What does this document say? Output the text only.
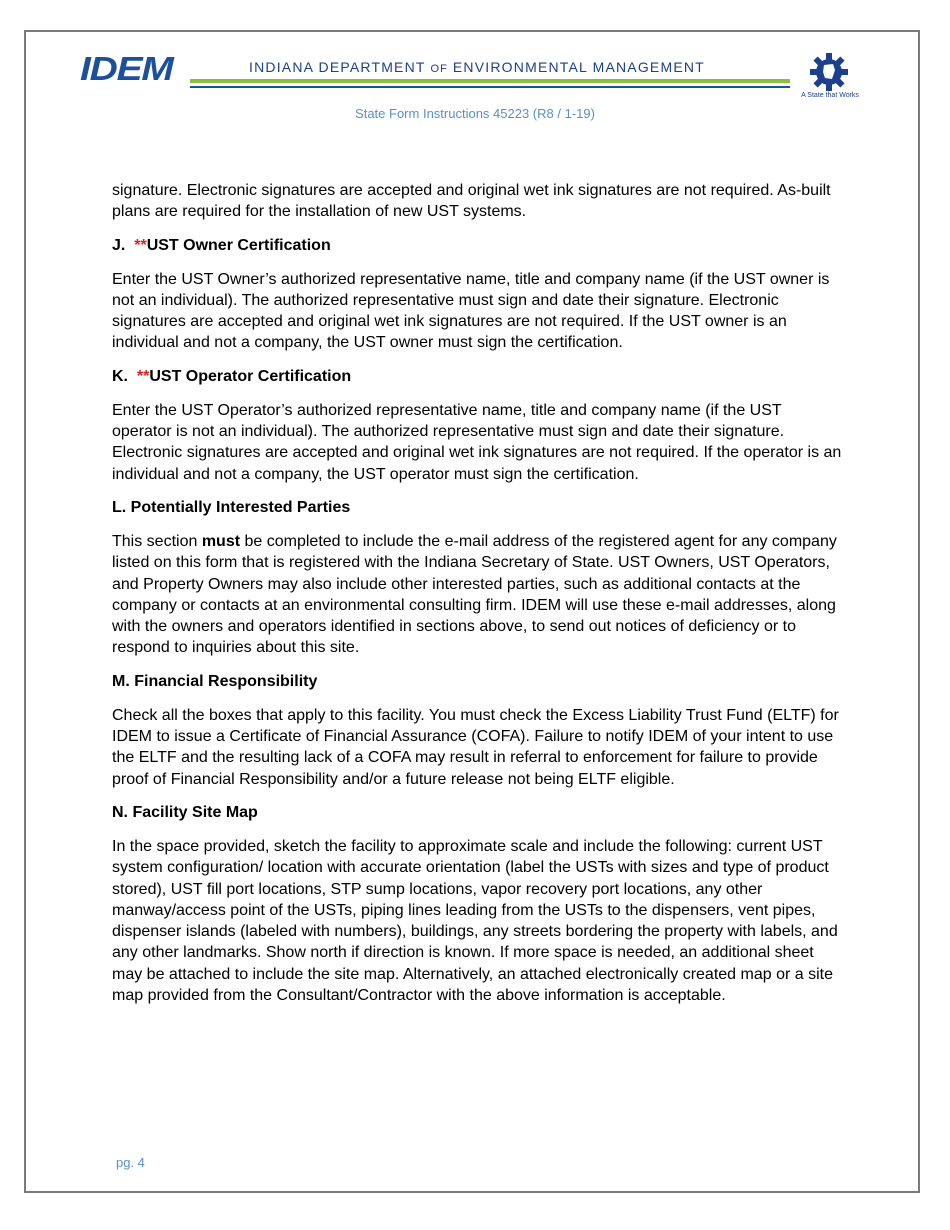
IDEM	INDIANA DEPARTMENT OF ENVIRONMENTAL MANAGEMENT
A State that Works
State Form Instructions 45223 (R8 / 1-19)

signature. Electronic signatures are accepted and original wet ink signatures are not required. As-built plans are required for the installation of new UST systems.

J. **UST Owner Certification

Enter the UST Owner’s authorized representative name, title and company name (if the UST owner is not an individual). The authorized representative must sign and date their signature. Electronic signatures are accepted and original wet ink signatures are not required. If the UST owner is an individual and not a company, the UST owner must sign the certification.

K. **UST Operator Certification

Enter the UST Operator’s authorized representative name, title and company name (if the UST operator is not an individual). The authorized representative must sign and date their signature. Electronic signatures are accepted and original wet ink signatures are not required. If the operator is an individual and not a company, the UST operator must sign the certification.

L. Potentially Interested Parties

This section must be completed to include the e-mail address of the registered agent for any company listed on this form that is registered with the Indiana Secretary of State. UST Owners, UST Operators, and Property Owners may also include other interested parties, such as additional contacts at the company or contacts at an environmental consulting firm. IDEM will use these e-mail addresses, along with the owners and operators identified in sections above, to send out notices of deficiency or to respond to inquiries about this site.

M. Financial Responsibility

Check all the boxes that apply to this facility. You must check the Excess Liability Trust Fund (ELTF) for IDEM to issue a Certificate of Financial Assurance (COFA). Failure to notify IDEM of your intent to use the ELTF and the resulting lack of a COFA may result in referral to enforcement for failure to provide proof of Financial Responsibility and/or a future release not being ELTF eligible.

N. Facility Site Map

In the space provided, sketch the facility to approximate scale and include the following: current UST system configuration/ location with accurate orientation (label the USTs with sizes and type of product stored), UST fill port locations, STP sump locations, vapor recovery port locations, any other manway/access point of the USTs, piping lines leading from the USTs to the dispensers, vent pipes, dispenser islands (labeled with numbers), buildings, any streets bordering the property with labels, and any other landmarks. Show north if direction is known. If more space is needed, an additional sheet may be attached to include the site map. Alternatively, an attached electronically created map or a site map provided from the Consultant/Contractor with the above information is acceptable.

pg. 4
